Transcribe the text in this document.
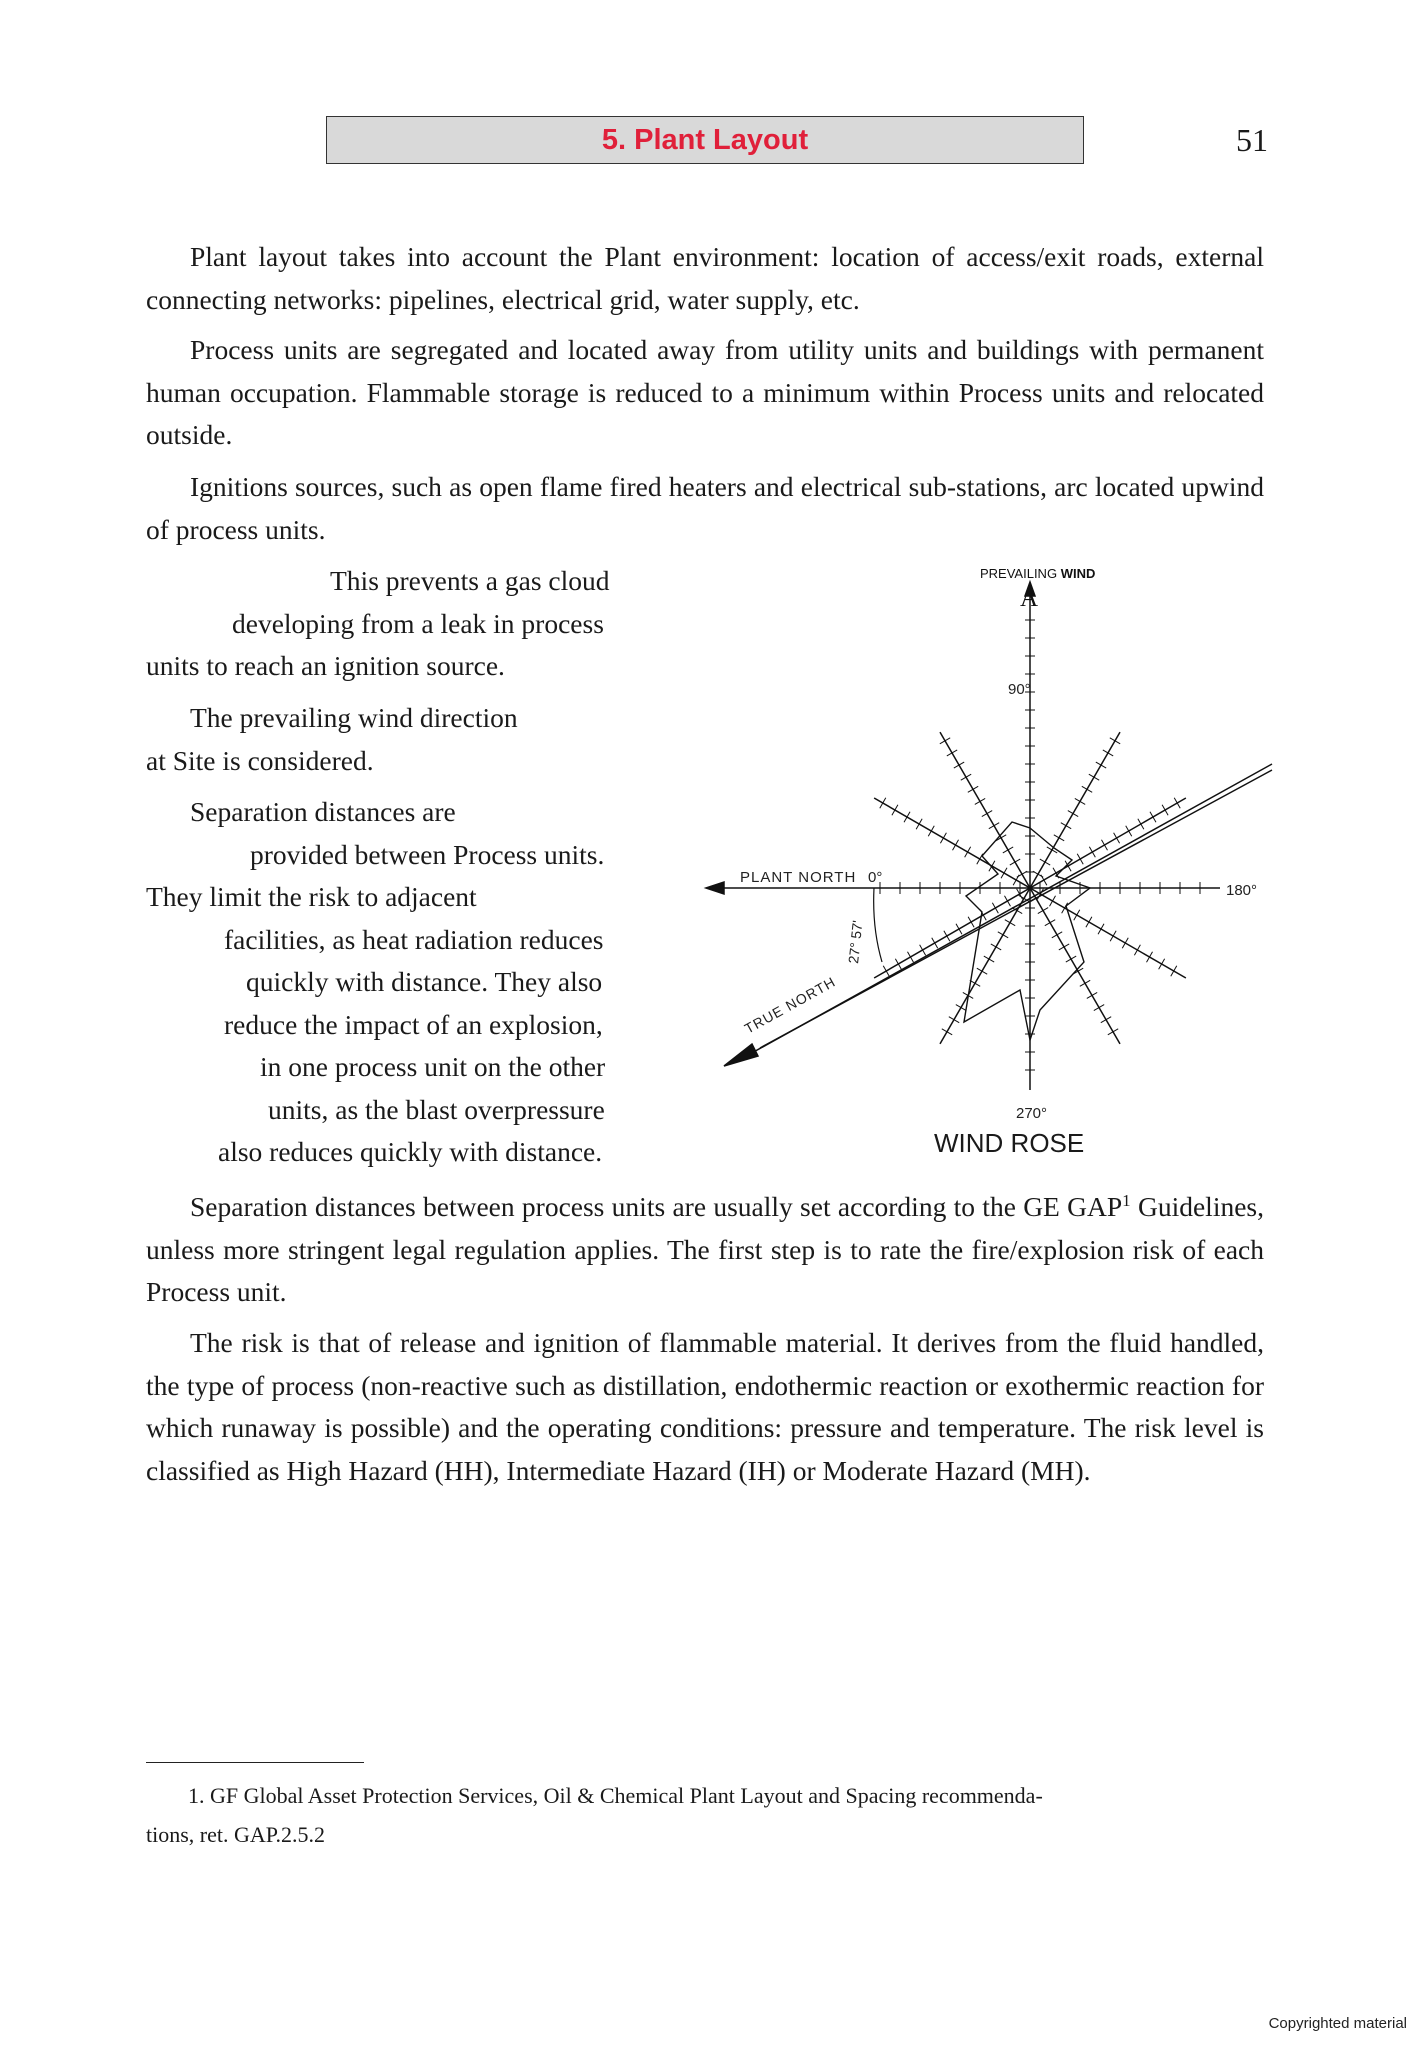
5. Plant Layout	51

Plant layout takes into account the Plant environment: location of access/exit roads, external connecting networks: pipelines, electrical grid, water supply, etc.

Process units are segregated and located away from utility units and buildings with permanent human occupation. Flammable storage is reduced to a minimum within Process units and relocated outside.

Ignitions sources, such as open flame fired heaters and electrical sub-stations, arc located upwind of process units.

This prevents a gas cloud
developing from a leak in process
units to reach an ignition source.
The prevailing wind direction
at Site is considered.
Separation distances are
provided between Process units.
They limit the risk to adjacent
facilities, as heat radiation reduces
quickly with distance. They also
reduce the impact of an explosion,
in one process unit on the other
units, as the blast overpressure
also reduces quickly with distance.
PREVAILING WIND
A
90°
180°
270°
0°
PLANT NORTH
TRUE NORTH
27° 57'
WIND ROSE

Separation distances between process units are usually set according to the GE GAP$^1$ Guidelines, unless more stringent legal regulation applies. The first step is to rate the fire/explosion risk of each Process unit.

The risk is that of release and ignition of flammable material. It derives from the fluid handled, the type of process (non-reactive such as distillation, endothermic reaction or exothermic reaction for which runaway is possible) and the operating conditions: pressure and temperature. The risk level is classified as High Hazard (HH), Intermediate Hazard (IH) or Moderate Hazard (MH).

1. GF Global Asset Protection Services, Oil & Chemical Plant Layout and Spacing recommenda-
tions, ret. GAP.2.5.2
Copyrighted material
